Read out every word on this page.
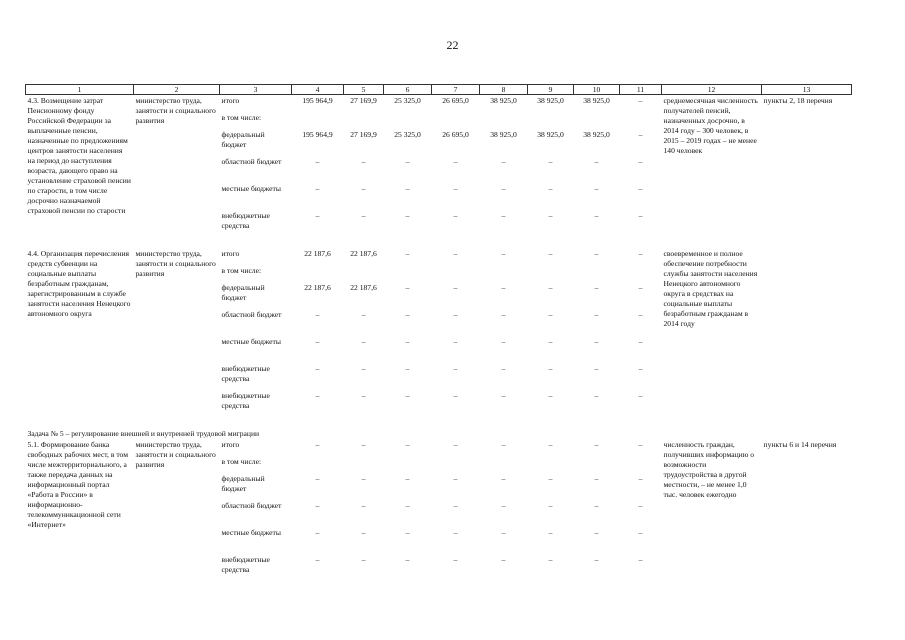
22
1	2	3	4	5	6	7	8	9	10	11	12	13
4.3. Возмещение затрат Пенсионному фонду Российской Федерации за выплаченные пенсии, назначенные по предложениям центров занятости населения на период до наступления возраста, дающего право на установление страховой пенсии по старости, в том числе досрочно назначаемой страховой пенсии по старости	министерство труда, занятости и социального развития	итого	195 964,9	27 169,9	25 325,0	26 695,0	38 925,0	38 925,0	38 925,0	–	среднемесячная численность получателей пенсий, назначенных досрочно, в 2014 году – 300 человек, в 2015 – 2019 годах – не менее 140 человек	пункты 2, 18 перечня
		в том числе:										
		федеральный бюджет	195 964,9	27 169,9	25 325,0	26 695,0	38 925,0	38 925,0	38 925,0	–		
		областной бюджет	–	–	–	–	–	–	–	–		
		местные бюджеты	–	–	–	–	–	–	–	–		
		внебюджетные средства	–	–	–	–	–	–	–	–		

4.4. Организация перечисления средств субвенции на социальные выплаты безработным гражданам, зарегистрированным в службе занятости населения Ненецкого автономного округа	министерство труда, занятости и социального развития	итого	22 187,6	22 187,6	–	–	–	–	–	–	своевременное и полное обеспечение потребности службы занятости населения Ненецкого автономного округа в средствах на социальные выплаты безработным гражданам в 2014 году	
		в том числе:										
		федеральный бюджет	22 187,6	22 187,6	–	–	–	–	–	–		
		областной бюджет	–	–	–	–	–	–	–	–		
		местные бюджеты	–	–	–	–	–	–	–	–		
		внебюджетные средства	–	–	–	–	–	–	–	–		
		внебюджетные средства	–	–	–	–	–	–	–	–		

Задача № 5 – регулирование внешней и внутренней трудовой миграции												
5.1. Формирование банка свободных рабочих мест, в том числе межтерриториального, а также передача данных на информационный портал «Работа в России» в информационно-телекоммуникационной сети «Интернет»	министерство труда, занятости и социального развития	итого	–	–	–	–	–	–	–	–	численность граждан, получивших информацию о возможности трудоустройства в другой местности, – не менее 1,0 тыс. человек ежегодно	пункты 6 и 14 перечня
		в том числе:										
		федеральный бюджет	–	–	–	–	–	–	–	–		
		областной бюджет	–	–	–	–	–	–	–	–		
		местные бюджеты	–	–	–	–	–	–	–	–		
		внебюджетные средства	–	–	–	–	–	–	–	–		
